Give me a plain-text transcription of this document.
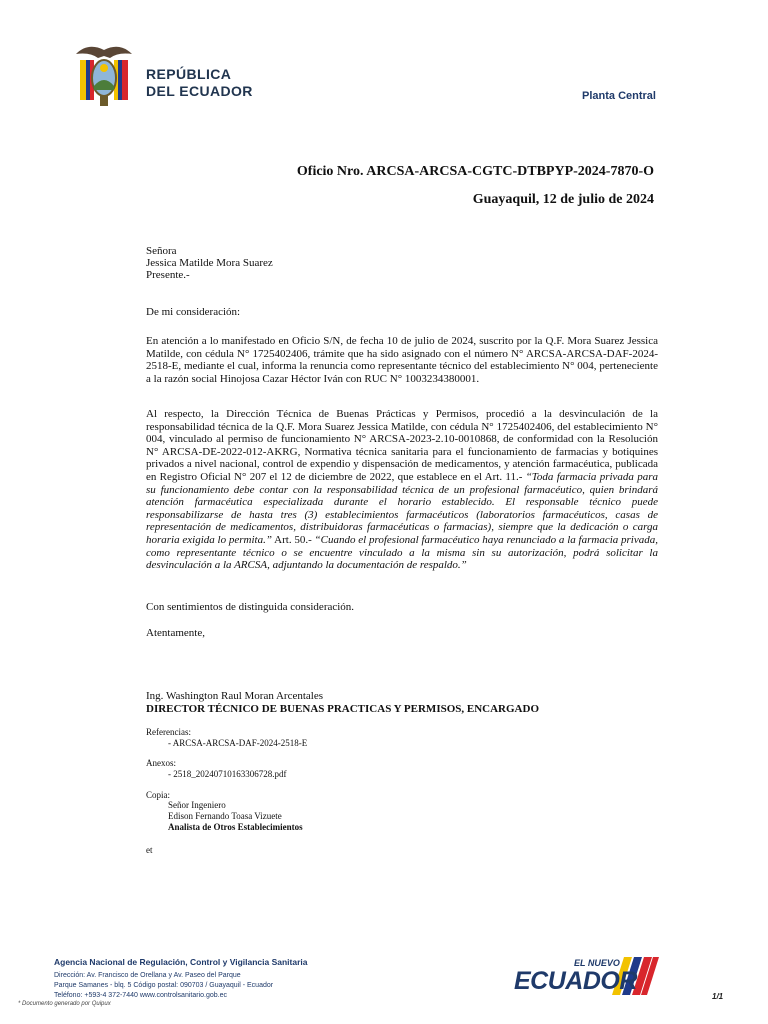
REPÚBLICA
DEL ECUADOR	Planta Central
Oficio Nro. ARCSA-ARCSA-CGTC-DTBPYP-2024-7870-O
Guayaquil, 12 de julio de 2024
Señora
Jessica Matilde Mora Suarez
Presente.-
De mi consideración:

En atención a lo manifestado en Oficio S/N, de fecha 10 de julio de 2024, suscrito por la Q.F. Mora Suarez Jessica Matilde, con cédula N° 1725402406, trámite que ha sido asignado con el número N° ARCSA-ARCSA-DAF-2024-2518-E, mediante el cual, informa la renuncia como representante técnico del establecimiento N° 004, perteneciente a la razón social Hinojosa Cazar Héctor Iván con RUC N° 1003234380001.

Al respecto, la Dirección Técnica de Buenas Prácticas y Permisos, procedió a la desvinculación de la responsabilidad técnica de la Q.F. Mora Suarez Jessica Matilde, con cédula N° 1725402406, del establecimiento N° 004, vinculado al permiso de funcionamiento N° ARCSA-2023-2.10-0010868, de conformidad con la Resolución N° ARCSA-DE-2022-012-AKRG, Normativa técnica sanitaria para el funcionamiento de farmacias y botiquines privados a nivel nacional, control de expendio y dispensación de medicamentos, y atención farmacéutica, publicada en Registro Oficial N° 207 el 12 de diciembre de 2022, que establece en el Art. 11.- “Toda farmacia privada para su funcionamiento debe contar con la responsabilidad técnica de un profesional farmacéutico, quien brindará atención farmacéutica especializada durante el horario establecido. El responsable técnico puede responsabilizarse de hasta tres (3) establecimientos farmacéuticos (laboratorios farmacéuticos, casas de representación de medicamentos, distribuidoras farmacéuticas o farmacias), siempre que la dedicación o carga horaria exigida lo permita.” Art. 50.- “Cuando el profesional farmacéutico haya renunciado a la farmacia privada, como representante técnico o se encuentre vinculado a la misma sin su autorización, podrá solicitar la desvinculación a la ARCSA, adjuntando la documentación de respaldo.”

Con sentimientos de distinguida consideración.
Atentamente,
Ing. Washington Raul Moran Arcentales
DIRECTOR TÉCNICO DE BUENAS PRACTICAS Y PERMISOS, ENCARGADO
Referencias:
- ARCSA-ARCSA-DAF-2024-2518-E
Anexos:
- 2518_20240710163306728.pdf
Copia:
Señor Ingeniero
Edison Fernando Toasa Vizuete
Analista de Otros Establecimientos
et
Agencia Nacional de Regulación, Control y Vigilancia Sanitaria
Dirección: Av. Francisco de Orellana y Av. Paseo del Parque
Parque Samanes - blq. 5 Código postal: 090703 / Guayaquil - Ecuador
Teléfono: +593-4 372-7440 www.controlsanitario.gob.ec
* Documento generado por Quipux
EL NUEVO
ECUADOR
1/1
